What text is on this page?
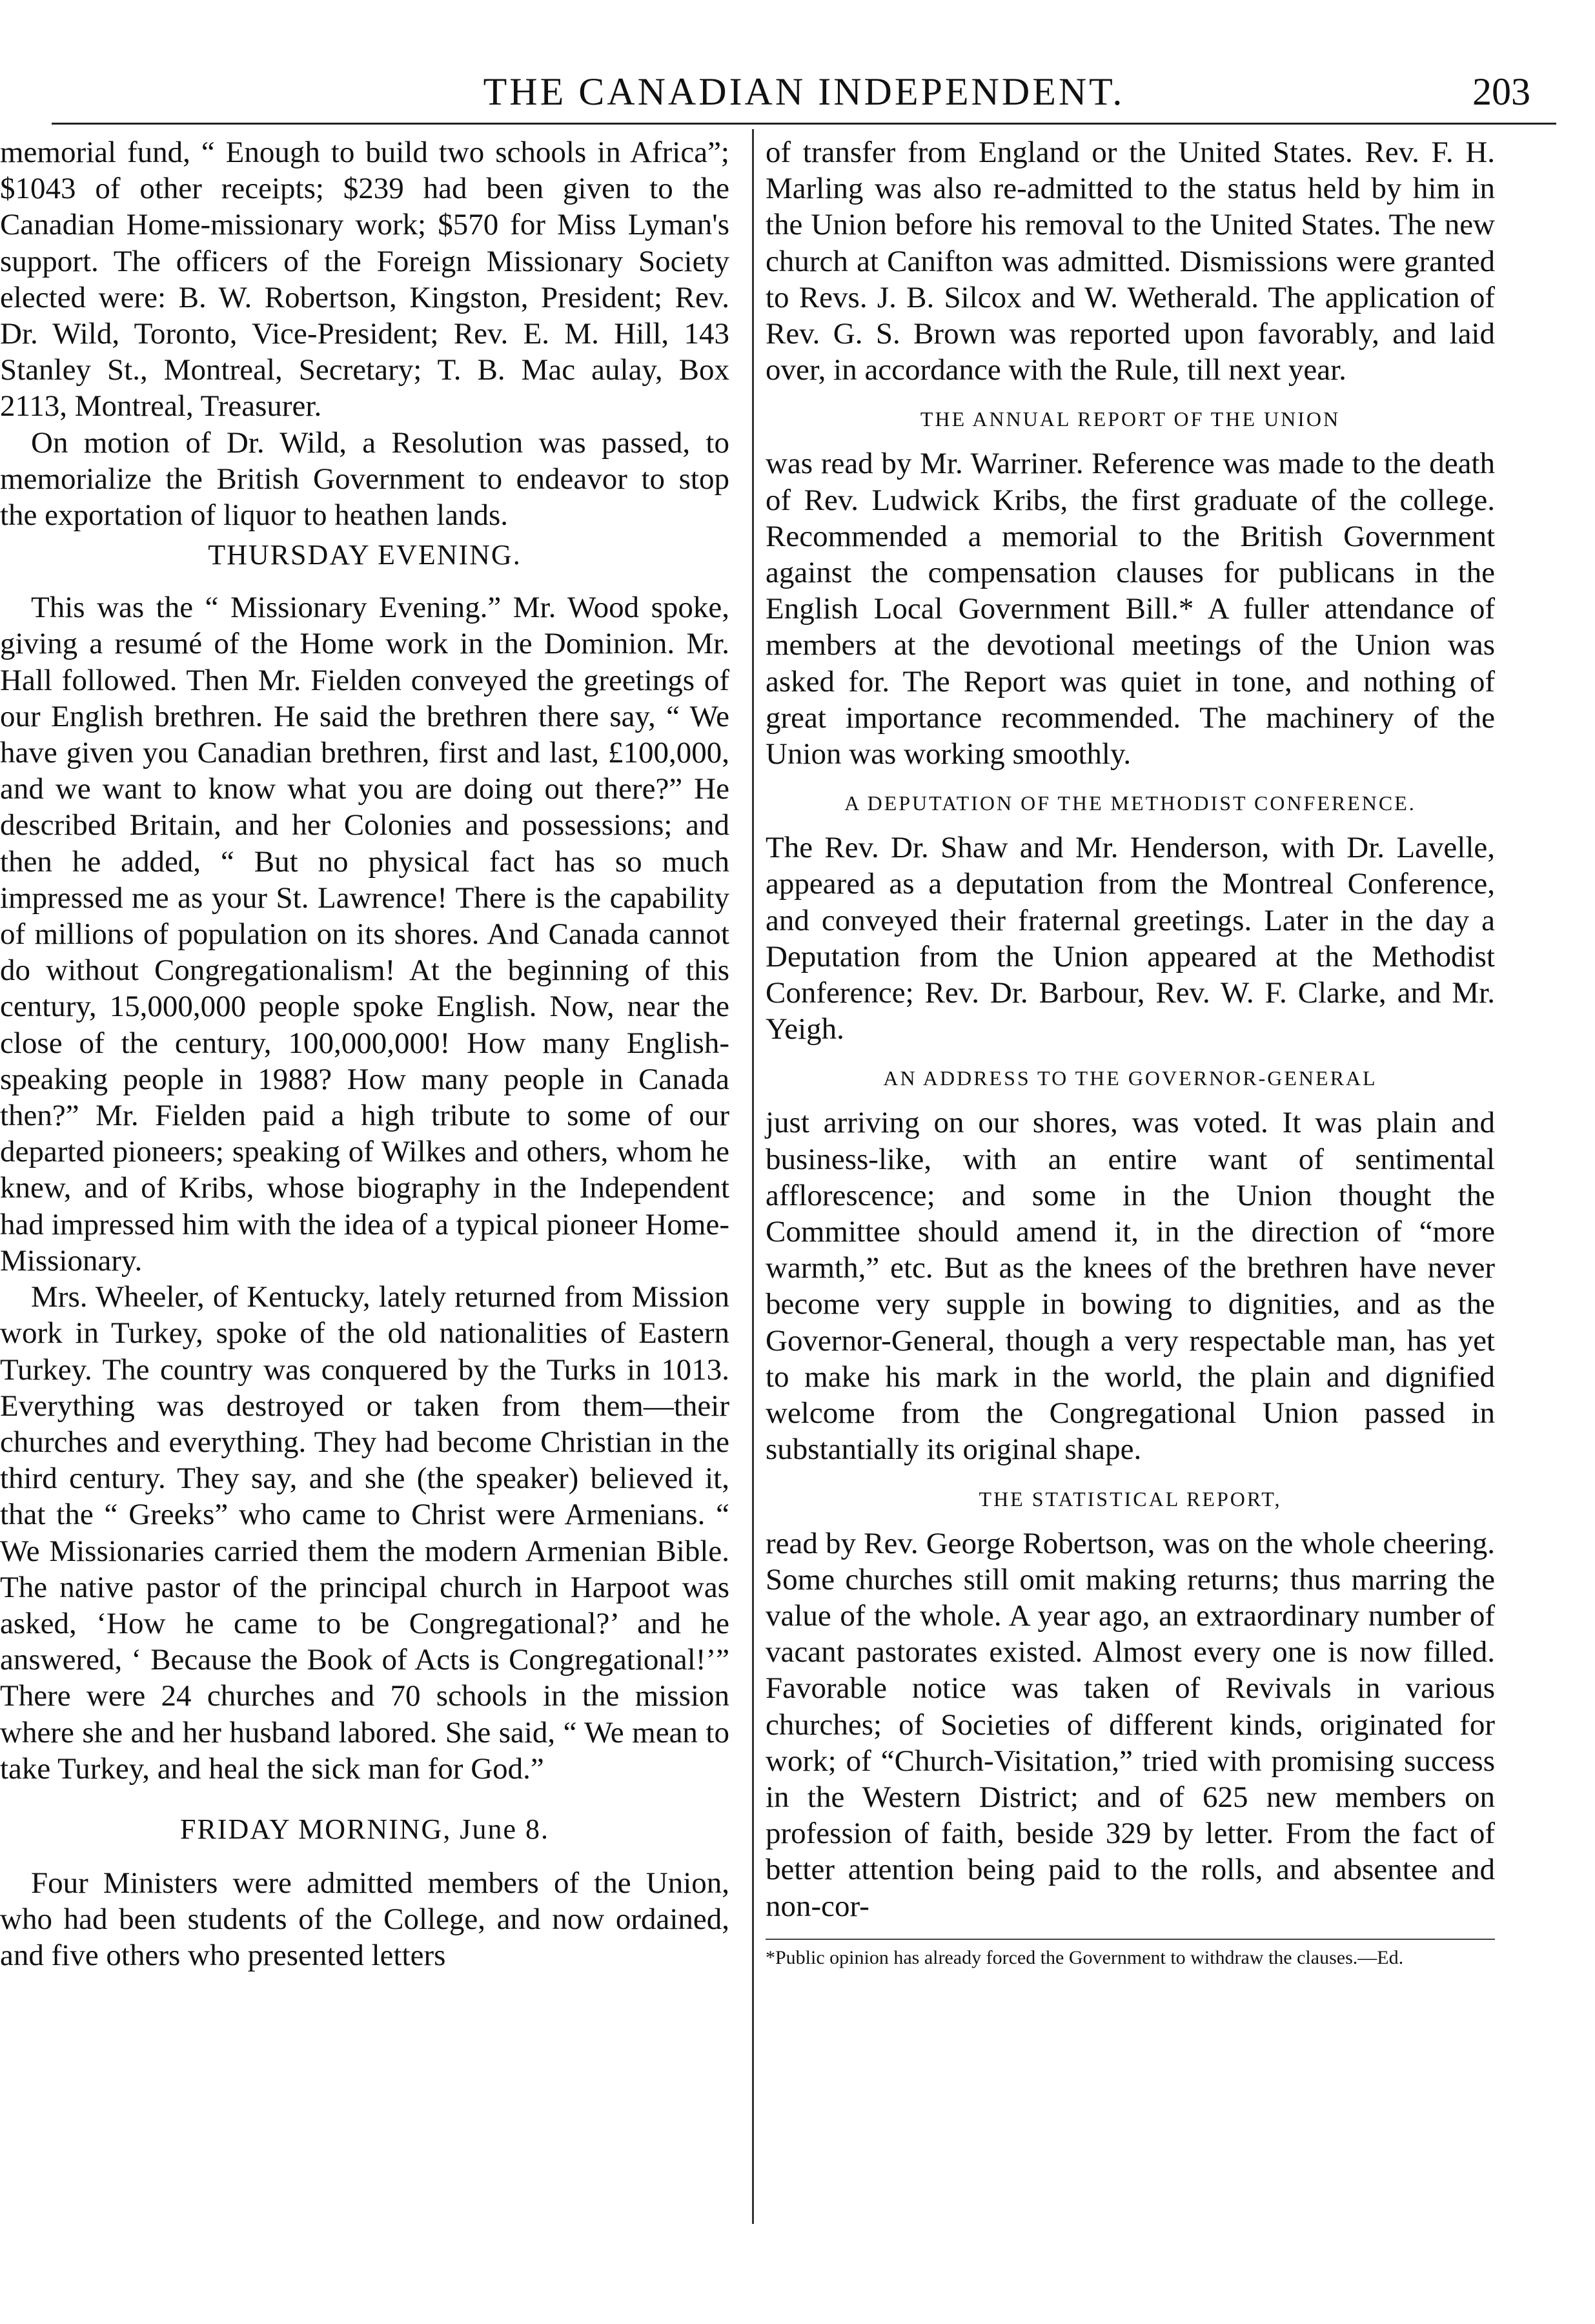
THE CANADIAN INDEPENDENT.	203

memorial fund, “ Enough to build two schools in Africa”; $1043 of other receipts; $239 had been given to the Canadian Home-missionary work; $570 for Miss Lyman's support. The officers of the Foreign Missionary Society elected were: B. W. Robertson, Kingston, President; Rev. Dr. Wild, Toronto, Vice-President; Rev. E. M. Hill, 143 Stanley St., Montreal, Secretary; T. B. Mac aulay, Box 2113, Montreal, Treasurer.

On motion of Dr. Wild, a Resolution was passed, to memorialize the British Government to endeavor to stop the exportation of liquor to heathen lands.

THURSDAY EVENING.

This was the “ Missionary Evening.” Mr. Wood spoke, giving a resumé of the Home work in the Dominion. Mr. Hall followed. Then Mr. Fielden conveyed the greetings of our English brethren. He said the brethren there say, “ We have given you Canadian brethren, first and last, £100,000, and we want to know what you are doing out there?” He described Britain, and her Colonies and possessions; and then he added, “ But no physical fact has so much impressed me as your St. Lawrence! There is the capability of millions of population on its shores. And Canada cannot do without Congregationalism! At the beginning of this century, 15,000,000 people spoke English. Now, near the close of the century, 100,000,000! How many English-speaking people in 1988? How many people in Canada then?” Mr. Fielden paid a high tribute to some of our departed pioneers; speaking of Wilkes and others, whom he knew, and of Kribs, whose biography in the Independent had impressed him with the idea of a typical pioneer Home-Missionary.

Mrs. Wheeler, of Kentucky, lately returned from Mission work in Turkey, spoke of the old nationalities of Eastern Turkey. The country was conquered by the Turks in 1013. Everything was destroyed or taken from them—their churches and everything. They had become Christian in the third century. They say, and she (the speaker) believed it, that the “ Greeks” who came to Christ were Armenians. “ We Missionaries carried them the modern Armenian Bible. The native pastor of the principal church in Harpoot was asked, ‘How he came to be Congregational?’ and he answered, ‘ Because the Book of Acts is Congregational!’” There were 24 churches and 70 schools in the mission where she and her husband labored. She said, “ We mean to take Turkey, and heal the sick man for God.”

FRIDAY MORNING, June 8.

Four Ministers were admitted members of the Union, who had been students of the College, and now ordained, and five others who presented letters

of transfer from England or the United States. Rev. F. H. Marling was also re-admitted to the status held by him in the Union before his removal to the United States. The new church at Canifton was admitted. Dismissions were granted to Revs. J. B. Silcox and W. Wetherald. The application of Rev. G. S. Brown was reported upon favorably, and laid over, in accordance with the Rule, till next year.

THE ANNUAL REPORT OF THE UNION

was read by Mr. Warriner. Reference was made to the death of Rev. Ludwick Kribs, the first graduate of the college. Recommended a memorial to the British Government against the compensation clauses for publicans in the English Local Government Bill.* A fuller attendance of members at the devotional meetings of the Union was asked for. The Report was quiet in tone, and nothing of great importance recommended. The machinery of the Union was working smoothly.

A DEPUTATION OF THE METHODIST CONFERENCE.

The Rev. Dr. Shaw and Mr. Henderson, with Dr. Lavelle, appeared as a deputation from the Montreal Conference, and conveyed their fraternal greetings. Later in the day a Deputation from the Union appeared at the Methodist Conference; Rev. Dr. Barbour, Rev. W. F. Clarke, and Mr. Yeigh.

AN ADDRESS TO THE GOVERNOR-GENERAL

just arriving on our shores, was voted. It was plain and business-like, with an entire want of sentimental afflorescence; and some in the Union thought the Committee should amend it, in the direction of “more warmth,” etc. But as the knees of the brethren have never become very supple in bowing to dignities, and as the Governor-General, though a very respectable man, has yet to make his mark in the world, the plain and dignified welcome from the Congregational Union passed in substantially its original shape.

THE STATISTICAL REPORT,

read by Rev. George Robertson, was on the whole cheering. Some churches still omit making returns; thus marring the value of the whole. A year ago, an extraordinary number of vacant pastorates existed. Almost every one is now filled. Favorable notice was taken of Revivals in various churches; of Societies of different kinds, originated for work; of “Church-Visitation,” tried with promising success in the Western District; and of 625 new members on profession of faith, beside 329 by letter. From the fact of better attention being paid to the rolls, and absentee and non-cor-

*Public opinion has already forced the Government to withdraw the clauses.—Ed.
